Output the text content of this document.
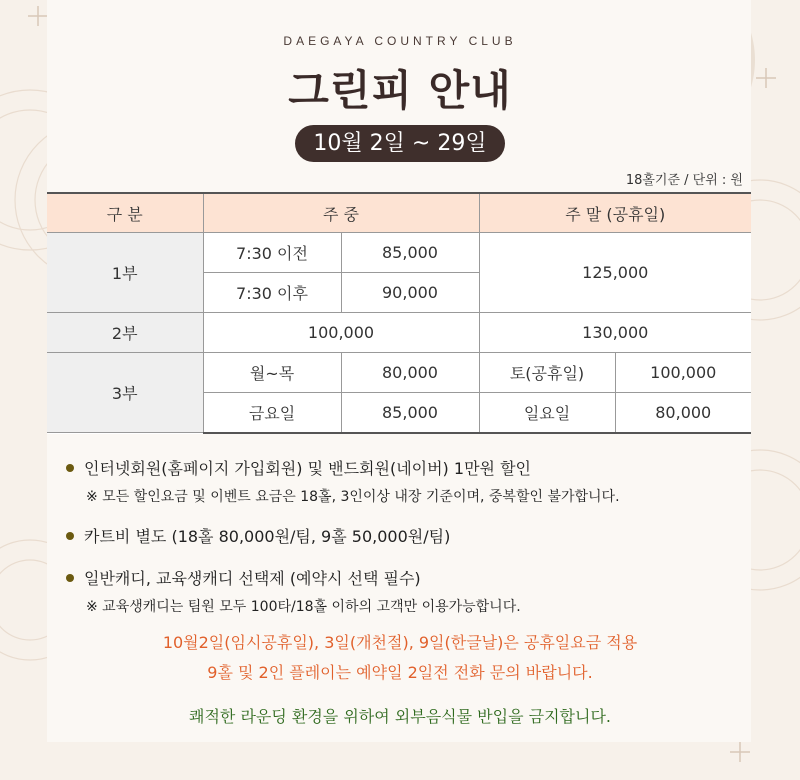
DAEGAYA COUNTRY CLUB
그린피 안내
10월 2일 ~ 29일
18홀기준 / 단위 : 원
구 분	주 중		주 말 (공휴일)	
1부	7:30 이전	85,000	125,000	
	7:30 이후	90,000		
2부	100,000		130,000	
3부	월~목	80,000	토(공휴일)	100,000
	금요일	85,000	일요일	80,000
인터넷회원(홈페이지 가입회원) 및 밴드회원(네이버) 1만원 할인
※ 모든 할인요금 및 이벤트 요금은 18홀, 3인이상 내장 기준이며, 중복할인 불가합니다.
카트비 별도 (18홀 80,000원/팀, 9홀 50,000원/팀)
일반캐디, 교육생캐디 선택제 (예약시 선택 필수)
※ 교육생캐디는 팀원 모두 100타/18홀 이하의 고객만 이용가능합니다.
10월2일(임시공휴일), 3일(개천절), 9일(한글날)은 공휴일요금 적용
9홀 및 2인 플레이는 예약일 2일전 전화 문의 바랍니다.
쾌적한 라운딩 환경을 위하여 외부음식물 반입을 금지합니다.
